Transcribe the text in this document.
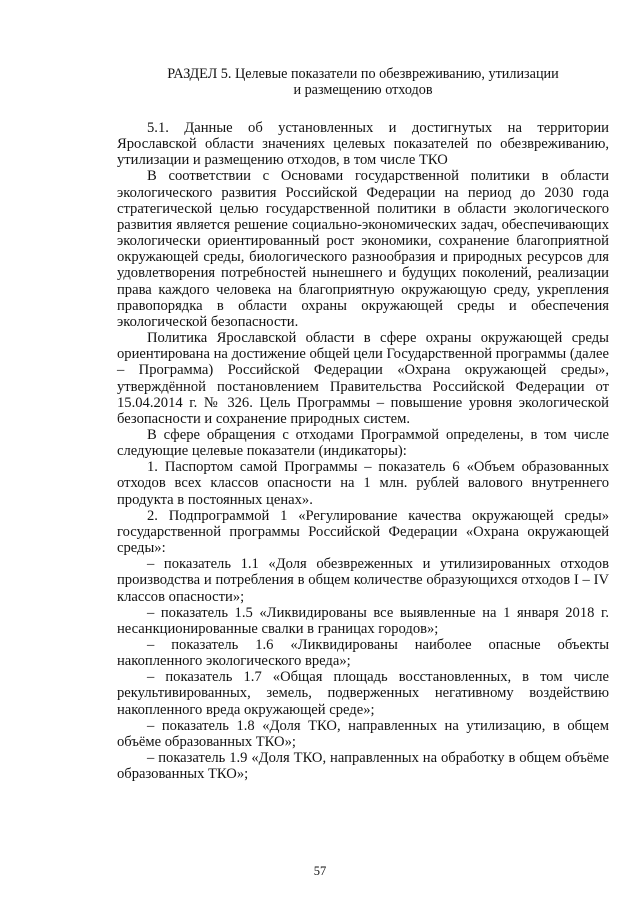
РАЗДЕЛ 5. Целевые показатели по обезвреживанию, утилизации
и размещению отходов

5.1. Данные об установленных и достигнутых на территории Ярославской области значениях целевых показателей по обезвреживанию, утилизации и размещению отходов, в том числе ТКО

В соответствии с Основами государственной политики в области экологического развития Российской Федерации на период до 2030 года стратегической целью государственной политики в области экологического развития является решение социально-экономических задач, обеспечивающих экологически ориентированный рост экономики, сохранение благоприятной окружающей среды, биологического разнообразия и природных ресурсов для удовлетворения потребностей нынешнего и будущих поколений, реализации права каждого человека на благоприятную окружающую среду, укрепления правопорядка в области охраны окружающей среды и обеспечения экологической безопасности.

Политика Ярославской области в сфере охраны окружающей среды ориентирована на достижение общей цели Государственной программы (далее – Программа) Российской Федерации «Охрана окружающей среды», утверждённой постановлением Правительства Российской Федерации от 15.04.2014 г. № 326. Цель Программы – повышение уровня экологической безопасности и сохранение природных систем.

В сфере обращения с отходами Программой определены, в том числе следующие целевые показатели (индикаторы):

1. Паспортом самой Программы – показатель 6 «Объем образованных отходов всех классов опасности на 1 млн. рублей валового внутреннего продукта в постоянных ценах».

2. Подпрограммой 1 «Регулирование качества окружающей среды» государственной программы Российской Федерации «Охрана окружающей среды»:

– показатель 1.1 «Доля обезвреженных и утилизированных отходов производства и потребления в общем количестве образующихся отходов I – IV классов опасности»;

– показатель 1.5 «Ликвидированы все выявленные на 1 января 2018 г. несанкционированные свалки в границах городов»;

– показатель 1.6 «Ликвидированы наиболее опасные объекты накопленного экологического вреда»;

– показатель 1.7 «Общая площадь восстановленных, в том числе рекультивированных, земель, подверженных негативному воздействию накопленного вреда окружающей среде»;

– показатель 1.8 «Доля ТКО, направленных на утилизацию, в общем объёме образованных ТКО»;

– показатель 1.9 «Доля ТКО, направленных на обработку в общем объёме образованных ТКО»;

57
